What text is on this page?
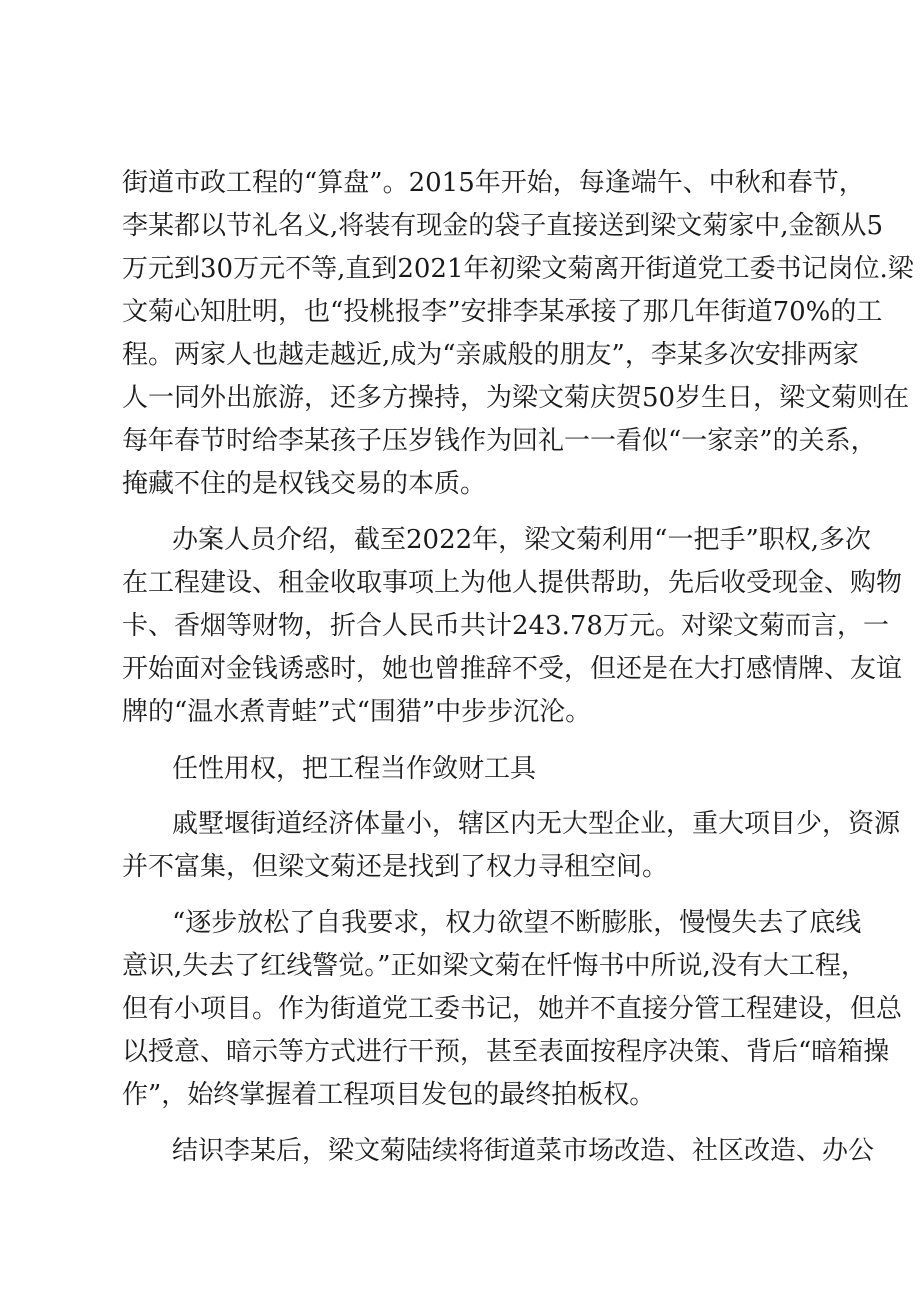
街道市政工程的“算盘”。2015年开始，每逢端午、中秋和春节，

李某都以节礼名义,将装有现金的袋子直接送到梁文菊家中,金额从5

万元到30万元不等,直到2021年初梁文菊离开街道党工委书记岗位.梁

文菊心知肚明，也“投桃报李”安排李某承接了那几年街道70%的工

程。两家人也越走越近,成为“亲戚般的朋友”，李某多次安排两家

人一同外出旅游，还多方操持，为梁文菊庆贺50岁生日，梁文菊则在

每年春节时给李某孩子压岁钱作为回礼一一看似“一家亲”的关系，

掩藏不住的是权钱交易的本质。

办案人员介绍，截至2022年，梁文菊利用“一把手”职权,多次

在工程建设、租金收取事项上为他人提供帮助，先后收受现金、购物

卡、香烟等财物，折合人民币共计243.78万元。对梁文菊而言，一

开始面对金钱诱惑时，她也曾推辞不受，但还是在大打感情牌、友谊

牌的“温水煮青蛙”式“围猎”中步步沉沦。

任性用权，把工程当作敛财工具

戚墅堰街道经济体量小，辖区内无大型企业，重大项目少，资源

并不富集，但梁文菊还是找到了权力寻租空间。

“逐步放松了自我要求，权力欲望不断膨胀，慢慢失去了底线

意识,失去了红线警觉。”正如梁文菊在忏悔书中所说,没有大工程，

但有小项目。作为街道党工委书记，她并不直接分管工程建设，但总

以授意、暗示等方式进行干预，甚至表面按程序决策、背后“暗箱操

作”，始终掌握着工程项目发包的最终拍板权。

结识李某后，梁文菊陆续将街道菜市场改造、社区改造、办公
